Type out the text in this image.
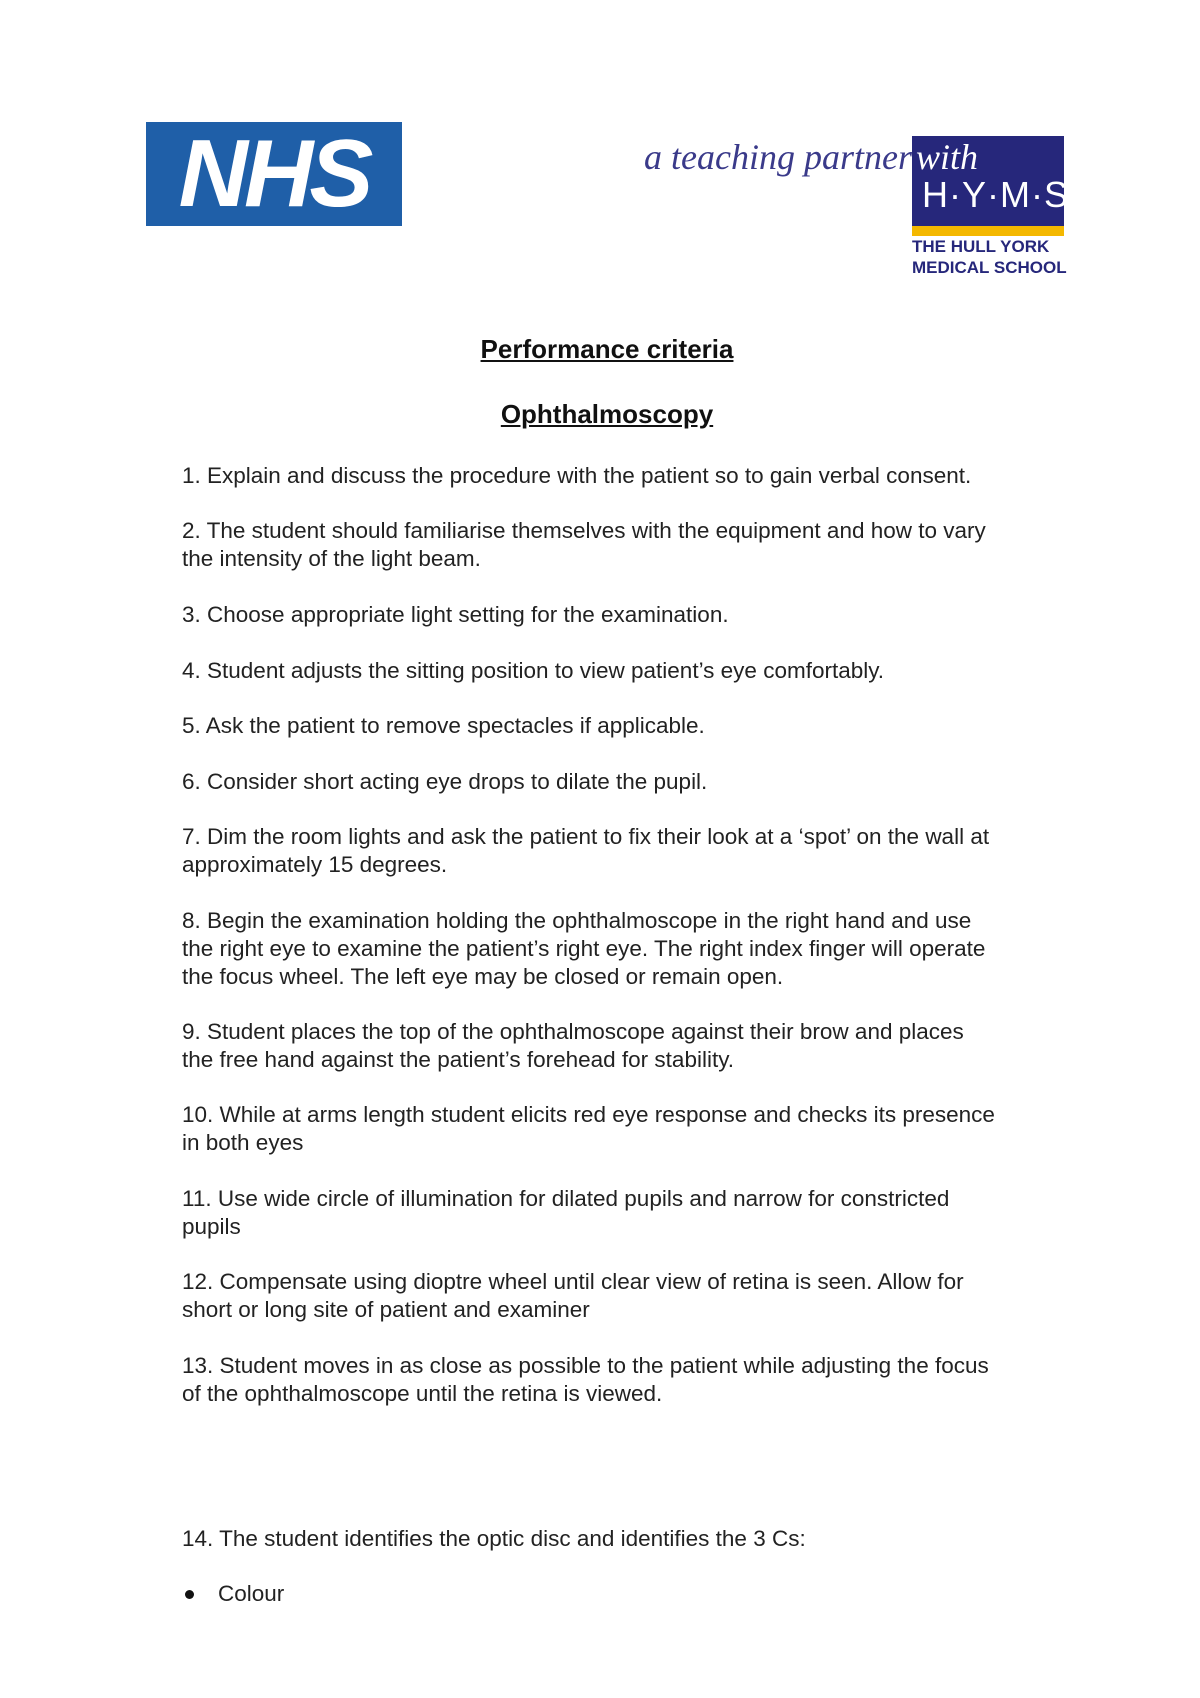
NHS	a teaching partner with
H·Y·M·S
THE HULL YORK
MEDICAL SCHOOL
Performance criteria
Ophthalmoscopy
1. Explain and discuss the procedure with the patient so to gain verbal consent.
2. The student should familiarise themselves with the equipment and how to vary
the intensity of the light beam.
3. Choose appropriate light setting for the examination.
4. Student adjusts the sitting position to view patient’s eye comfortably.
5. Ask the patient to remove spectacles if applicable.
6. Consider short acting eye drops to dilate the pupil.
7. Dim the room lights and ask the patient to fix their look at a ‘spot’ on the wall at
approximately 15 degrees.
8. Begin the examination holding the ophthalmoscope in the right hand and use
the right eye to examine the patient’s right eye. The right index finger will operate
the focus wheel. The left eye may be closed or remain open.
9. Student places the top of the ophthalmoscope against their brow and places
the free hand against the patient’s forehead for stability.
10. While at arms length student elicits red eye response and checks its presence
in both eyes
11. Use wide circle of illumination for dilated pupils and narrow for constricted
pupils
12. Compensate using dioptre wheel until clear view of retina is seen. Allow for
short or long site of patient and examiner
13. Student moves in as close as possible to the patient while adjusting the focus
of the ophthalmoscope until the retina is viewed.
14. The student identifies the optic disc and identifies the 3 Cs:
Colour
